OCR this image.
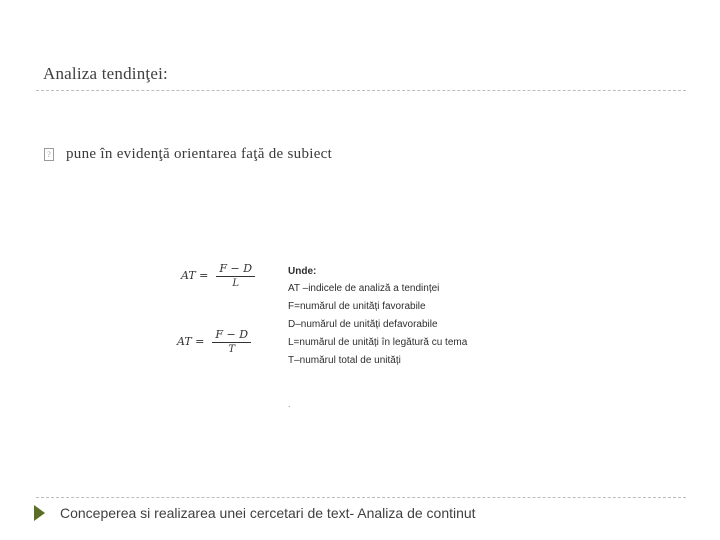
Analiza tendinţei:
? pune în evidenţă orientarea faţă de subiect
AT = $\frac{F - D}{L}$
AT = $\frac{F - D}{T}$
Unde:
AT –indicele de analiză a tendinței
F=numărul de unități favorabile
D–numărul de unități defavorabile
L=numărul de unități în legătură cu tema
T–numărul total de unități
.
Conceperea si realizarea unei cercetari de text- Analiza de continut
